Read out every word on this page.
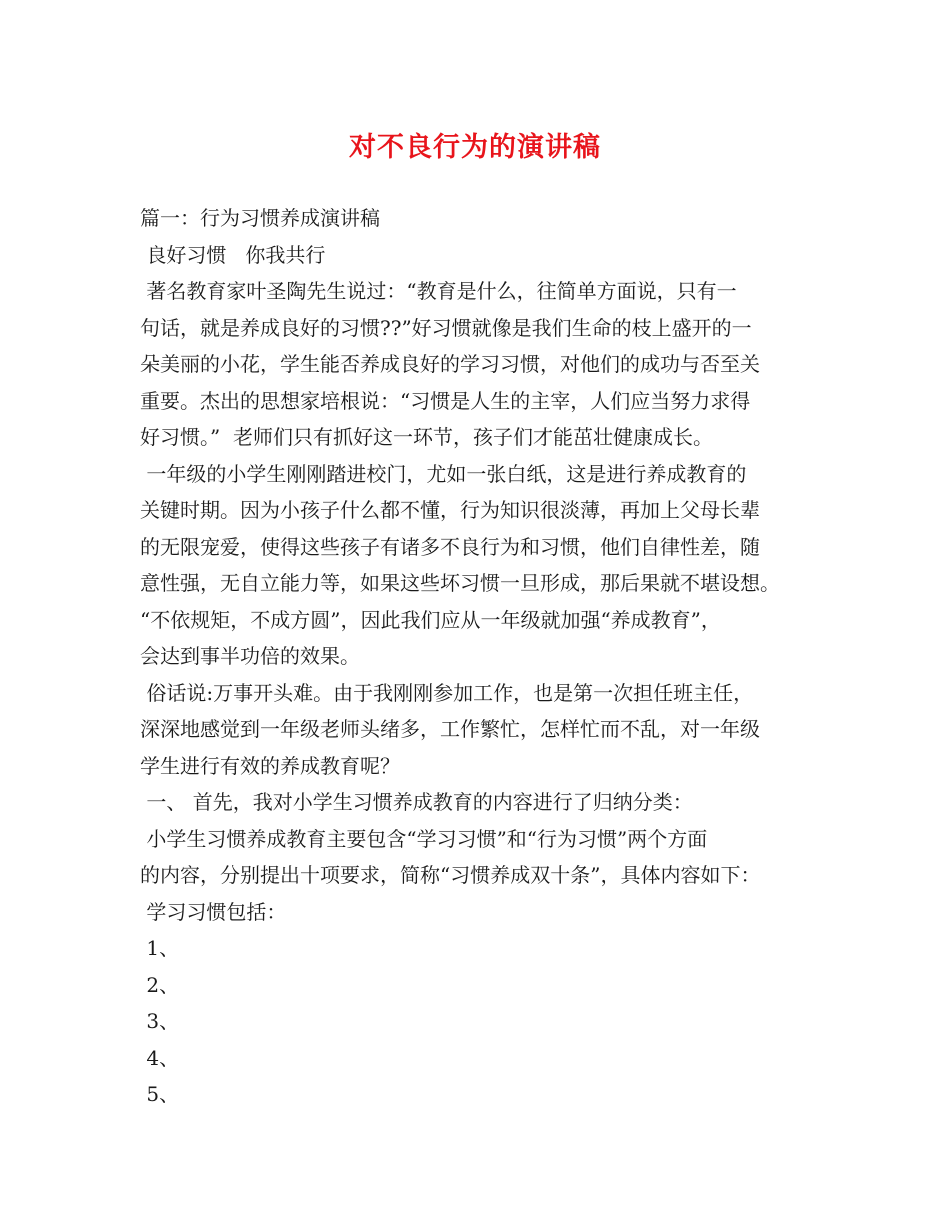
对不良行为的演讲稿
篇一：行为习惯养成演讲稿
良好习惯   你我共行
著名教育家叶圣陶先生说过：“教育是什么，往简单方面说，只有一
句话，就是养成良好的习惯??”好习惯就像是我们生命的枝上盛开的一
朵美丽的小花，学生能否养成良好的学习习惯，对他们的成功与否至关
重要。杰出的思想家培根说：“习惯是人生的主宰，人们应当努力求得
好习惯。”  老师们只有抓好这一环节，孩子们才能茁壮健康成长。
一年级的小学生刚刚踏进校门，尤如一张白纸，这是进行养成教育的
关键时期。因为小孩子什么都不懂，行为知识很淡薄，再加上父母长辈
的无限宠爱，使得这些孩子有诸多不良行为和习惯，他们自律性差，随
意性强，无自立能力等，如果这些坏习惯一旦形成，那后果就不堪设想。
“不依规矩，不成方圆”，因此我们应从一年级就加强“养成教育”，
会达到事半功倍的效果。
俗话说:万事开头难。由于我刚刚参加工作，也是第一次担任班主任，
深深地感觉到一年级老师头绪多，工作繁忙，怎样忙而不乱，对一年级
学生进行有效的养成教育呢？
一、 首先，我对小学生习惯养成教育的内容进行了归纳分类：
小学生习惯养成教育主要包含“学习习惯”和“行为习惯”两个方面
的内容，分别提出十项要求，简称“习惯养成双十条”，具体内容如下：
学习习惯包括：
1、
2、
3、
4、
5、
